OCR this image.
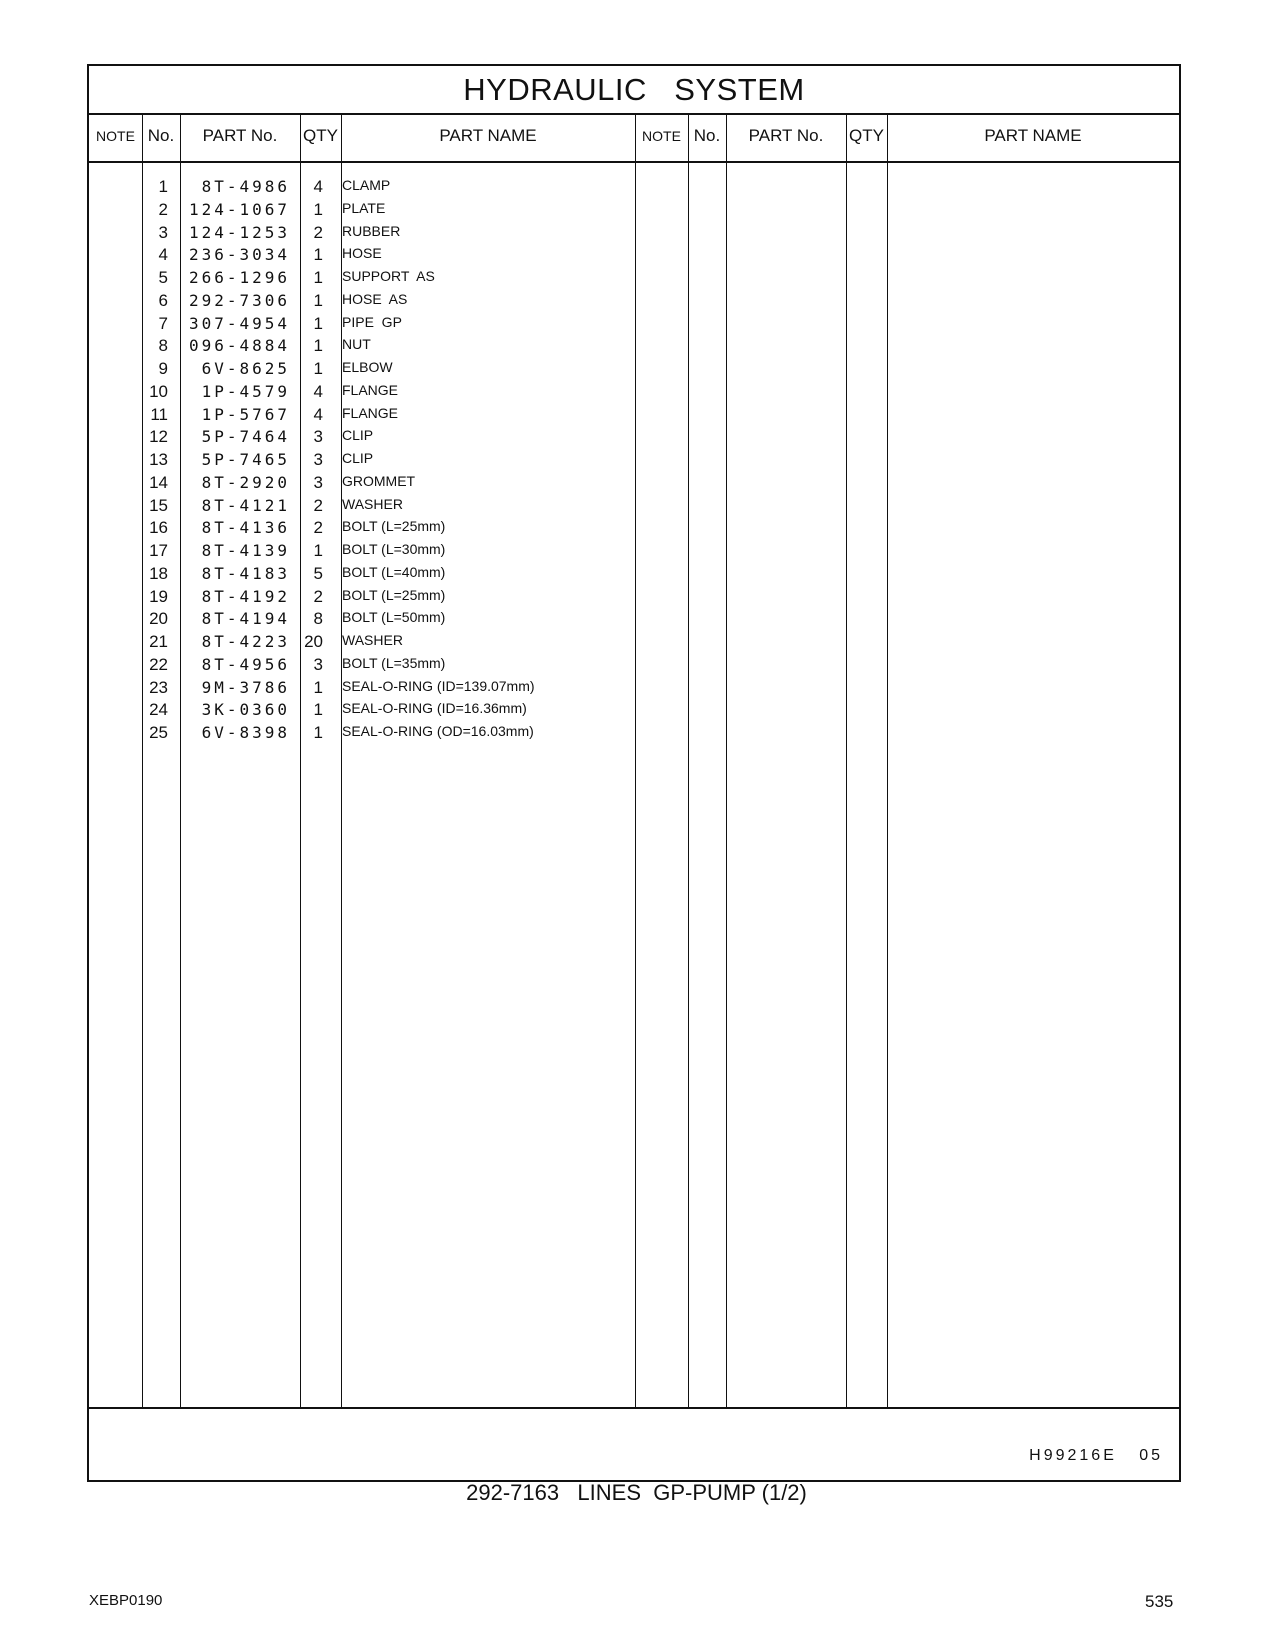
HYDRAULIC   SYSTEM
NOTE No.	PART No.	QTY	PART NAME	NOTE No.	PART No.	QTY	PART NAME
1	8T-4986	4 CLAMP
2	124-1067	1 PLATE
3	124-1253	2 RUBBER
4	236-3034	1 HOSE
5	266-1296	1 SUPPORT  AS
6	292-7306	1 HOSE  AS
7	307-4954	1 PIPE  GP
8	096-4884	1 NUT
9	6V-8625	1 ELBOW
10	1P-4579	4 FLANGE
11	1P-5767	4 FLANGE
12	5P-7464	3 CLIP
13	5P-7465	3 CLIP
14	8T-2920	3 GROMMET
15	8T-4121	2 WASHER
16	8T-4136	2 BOLT (L=25mm)
17	8T-4139	1 BOLT (L=30mm)
18	8T-4183	5 BOLT (L=40mm)
19	8T-4192	2 BOLT (L=25mm)
20	8T-4194	8 BOLT (L=50mm)
21	8T-4223 20 WASHER
22	8T-4956	3 BOLT (L=35mm)
23	9M-3786	1 SEAL-O-RING (ID=139.07mm)
24	3K-0360	1 SEAL-O-RING (ID=16.36mm)
25	6V-8398	1 SEAL-O-RING (OD=16.03mm)
H99216E   05
292-7163   LINES  GP-PUMP (1/2)
XEBP0190	535
